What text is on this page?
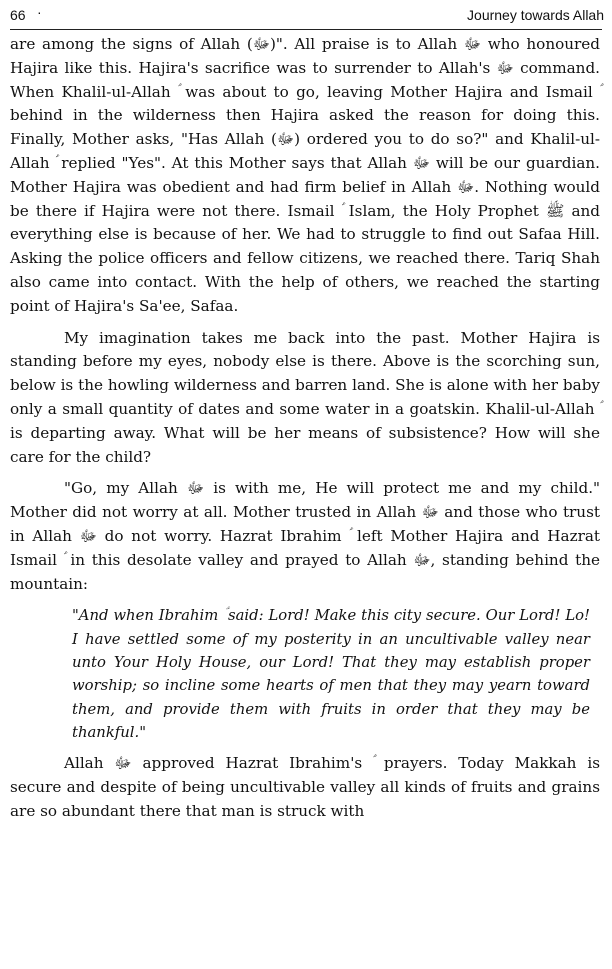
66 ·	Journey towards Allah

are among the signs of Allah (ﷻ)". All praise is to Allah ﷻ who honoured Hajira like this. Hajira's sacrifice was to surrender to Allah's ﷻ command. When Khalil-ul-Allah ؑ was about to go, leaving Mother Hajira and Ismail ؑ behind in the wilderness then Hajira asked the reason for doing this. Finally, Mother asks, "Has Allah (ﷻ) ordered you to do so?" and Khalil-ul-Allah ؑ replied "Yes". At this Mother says that Allah ﷻ will be our guardian. Mother Hajira was obedient and had firm belief in Allah ﷻ. Nothing would be there if Hajira were not there. Ismail ؑ Islam, the Holy Prophet ﷺ and everything else is because of her. We had to struggle to find out Safaa Hill. Asking the police officers and fellow citizens, we reached there. Tariq Shah also came into contact. With the help of others, we reached the starting point of Hajira's Sa'ee, Safaa.

My imagination takes me back into the past. Mother Hajira is standing before my eyes, nobody else is there. Above is the scorching sun, below is the howling wilderness and barren land. She is alone with her baby only a small quantity of dates and some water in a goatskin. Khalil-ul-Allah ؑ is departing away. What will be her means of subsistence? How will she care for the child?

"Go, my Allah ﷻ is with me, He will protect me and my child." Mother did not worry at all. Mother trusted in Allah ﷻ and those who trust in Allah ﷻ do not worry. Hazrat Ibrahim ؑ left Mother Hajira and Hazrat Ismail ؑ in this desolate valley and prayed to Allah ﷻ, standing behind the mountain:

"And when Ibrahim ؑ said: Lord! Make this city secure. Our Lord! Lo! I have settled some of my posterity in an uncultivable valley near unto Your Holy House, our Lord! That they may establish proper worship; so incline some hearts of men that they may yearn toward them, and provide them with fruits in order that they may be thankful."

Allah ﷻ approved Hazrat Ibrahim's ؑ prayers. Today Makkah is secure and despite of being uncultivable valley all kinds of fruits and grains are so abundant there that man is struck with
